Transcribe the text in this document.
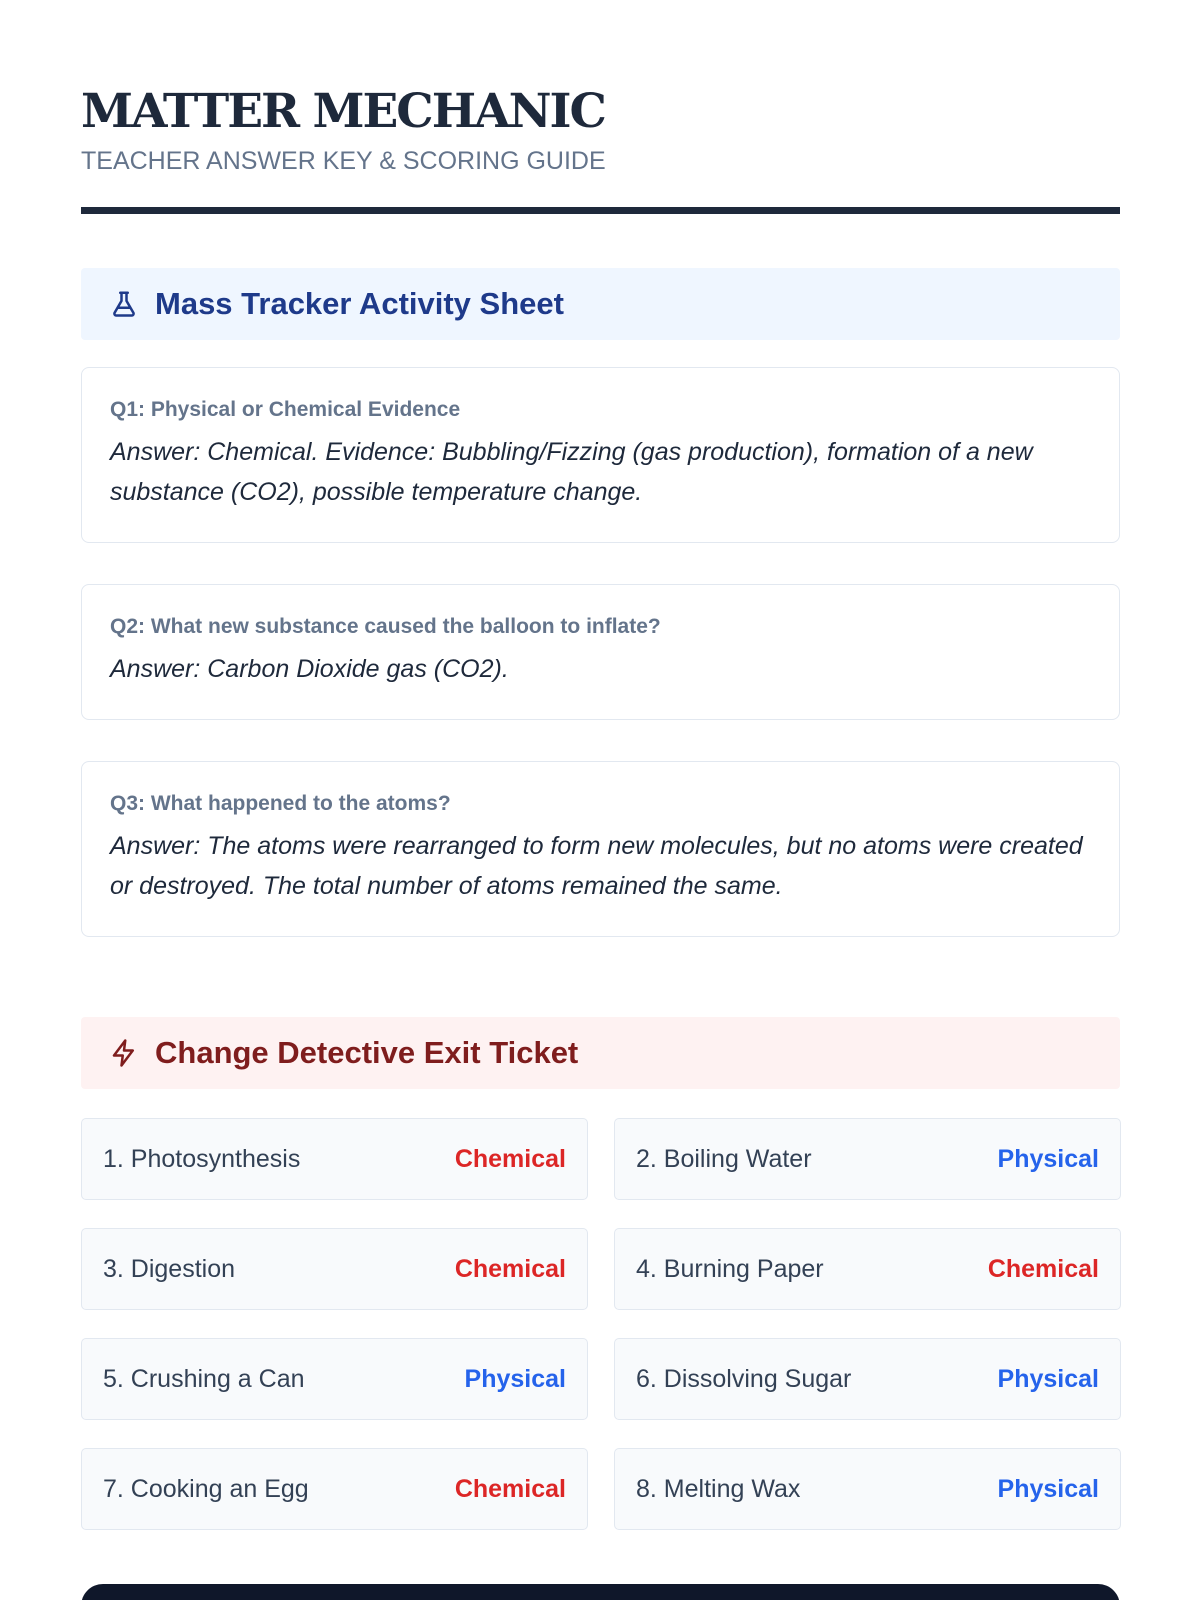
MATTER MECHANIC
TEACHER ANSWER KEY & SCORING GUIDE
Mass Tracker Activity Sheet
Q1: Physical or Chemical Evidence
Answer: Chemical. Evidence: Bubbling/Fizzing (gas production), formation of a new substance (CO2), possible temperature change.
Q2: What new substance caused the balloon to inflate?
Answer: Carbon Dioxide gas (CO2).
Q3: What happened to the atoms?
Answer: The atoms were rearranged to form new molecules, but no atoms were created or destroyed. The total number of atoms remained the same.
Change Detective Exit Ticket
1. Photosynthesis	Chemical	2. Boiling Water	Physical
3. Digestion	Chemical	4. Burning Paper	Chemical
5. Crushing a Can	Physical	6. Dissolving Sugar	Physical
7. Cooking an Egg	Chemical	8. Melting Wax	Physical
